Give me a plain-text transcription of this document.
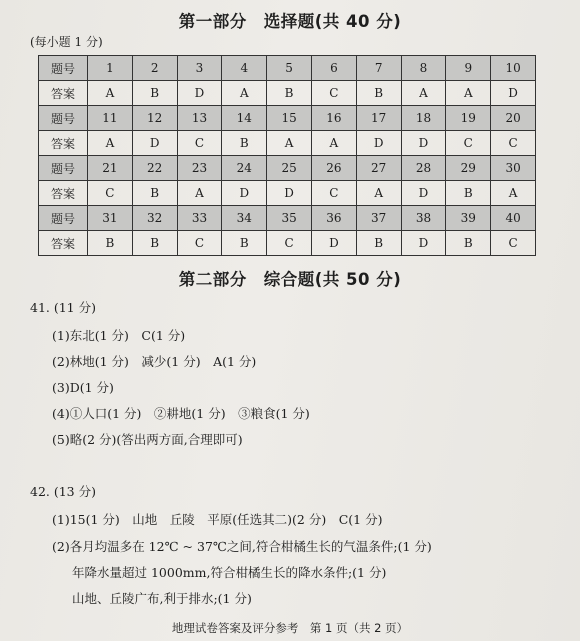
第一部分　选择题(共 40 分)
(每小题 1 分)
题号	1	2	3	4	5	6	7	8	9	10
答案	A	B	D	A	B	C	B	A	A	D
题号	11	12	13	14	15	16	17	18	19	20
答案	A	D	C	B	A	A	D	D	C	C
题号	21	22	23	24	25	26	27	28	29	30
答案	C	B	A	D	D	C	A	D	B	A
题号	31	32	33	34	35	36	37	38	39	40
答案	B	B	C	B	C	D	B	D	B	C
第二部分　综合题(共 50 分)
41. (11 分)
(1)东北(1 分)　C(1 分)
(2)林地(1 分)　减少(1 分)　A(1 分)
(3)D(1 分)
(4)①人口(1 分)　②耕地(1 分)　③粮食(1 分)
(5)略(2 分)(答出两方面,合理即可)
42. (13 分)
(1)15(1 分)　山地　丘陵　平原(任选其二)(2 分)　C(1 分)
(2)各月均温多在 12℃ ~ 37℃之间,符合柑橘生长的气温条件;(1 分)
年降水量超过 1000mm,符合柑橘生长的降水条件;(1 分)
山地、丘陵广布,利于排水;(1 分)
地理试卷答案及评分参考　第 1 页（共 2 页）
